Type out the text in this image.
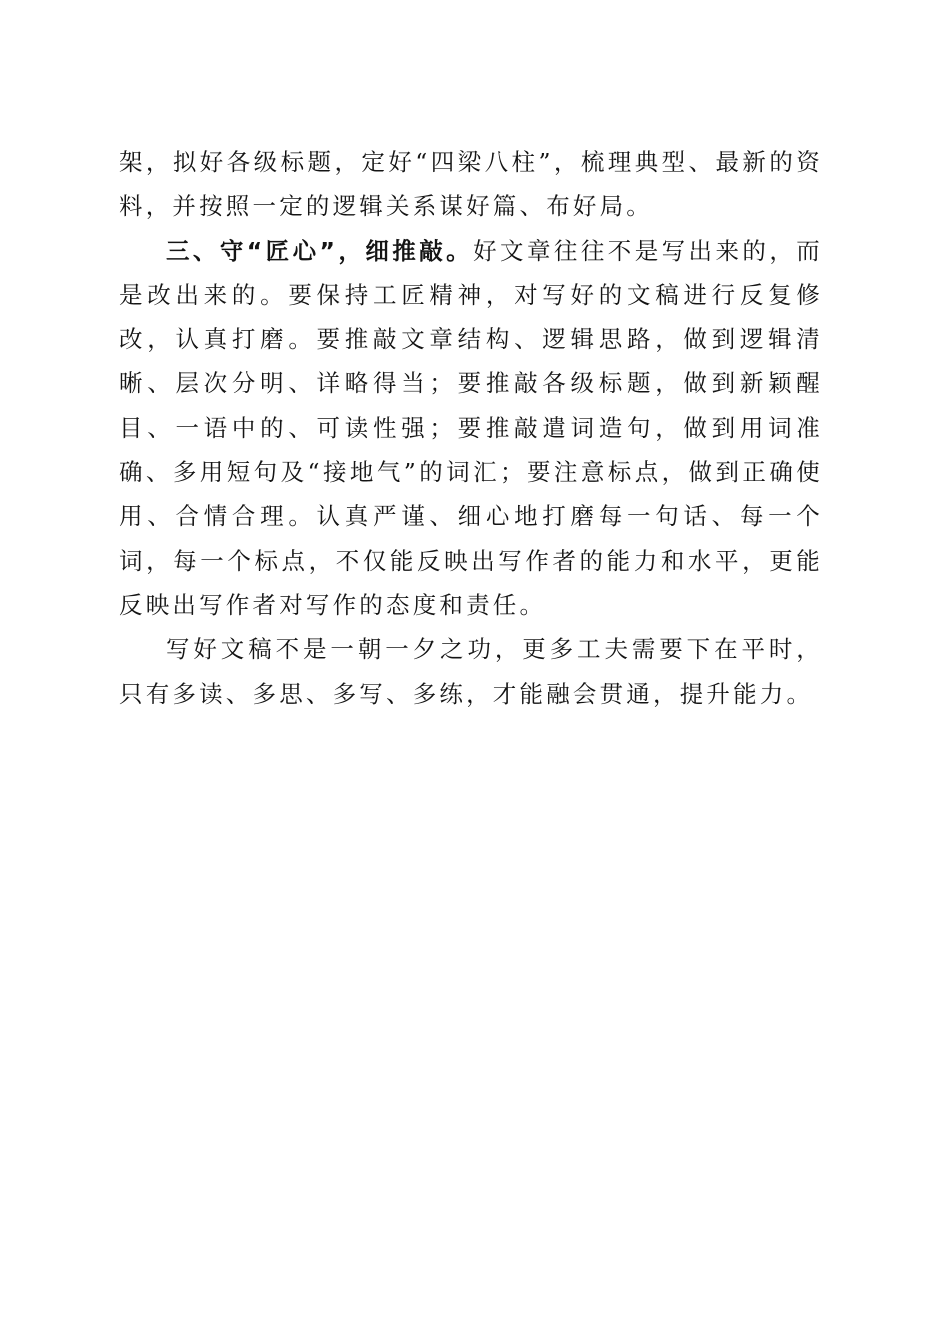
架，拟好各级标题，定好“四梁八柱”，梳理典型、最新的资料，并按照一定的逻辑关系谋好篇、布好局。

三、守“匠心”，细推敲。好文章往往不是写出来的，而是改出来的。要保持工匠精神，对写好的文稿进行反复修改，认真打磨。要推敲文章结构、逻辑思路，做到逻辑清晰、层次分明、详略得当；要推敲各级标题，做到新颖醒目、一语中的、可读性强；要推敲遣词造句，做到用词准确、多用短句及“接地气”的词汇；要注意标点，做到正确使用、合情合理。认真严谨、细心地打磨每一句话、每一个词，每一个标点，不仅能反映出写作者的能力和水平，更能反映出写作者对写作的态度和责任。

写好文稿不是一朝一夕之功，更多工夫需要下在平时，只有多读、多思、多写、多练，才能融会贯通，提升能力。
